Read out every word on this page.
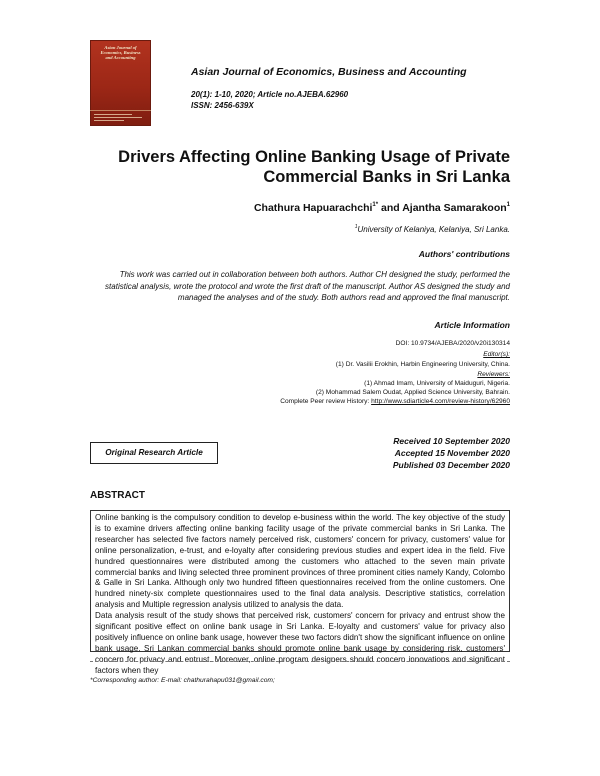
Asian Journal of
Economics, Business
and Accounting
Asian Journal of Economics, Business and Accounting
20(1): 1-10, 2020; Article no.AJEBA.62960
ISSN: 2456-639X
Drivers Affecting Online Banking Usage of Private
Commercial Banks in Sri Lanka
Chathura Hapuarachchi$^{1*}$ and Ajantha Samarakoon$^1$
$^1$University of Kelaniya, Kelaniya, Sri Lanka.
Authors' contributions
This work was carried out in collaboration between both authors. Author CH designed the study, performed the statistical analysis, wrote the protocol and wrote the first draft of the manuscript. Author AS designed the study and managed the analyses and of the study. Both authors read and approved the final manuscript.
Article Information
DOI: 10.9734/AJEBA/2020/v20i130314
Editor(s):
(1) Dr. Vasilii Erokhin, Harbin Engineering University, China.
Reviewers:
(1) Ahmad Imam, University of Maiduguri, Nigeria.
(2) Mohammad Salem Oudat, Applied Science University, Bahrain.
Complete Peer review History: http://www.sdiarticle4.com/review-history/62960
Received 10 September 2020
Accepted 15 November 2020
Published 03 December 2020
Original Research Article
ABSTRACT

Online banking is the compulsory condition to develop e-business within the world. The key objective of the study is to examine drivers affecting online banking facility usage of the private commercial banks in Sri Lanka. The researcher has selected five factors namely perceived risk, customers' concern for privacy, customers' value for online personalization, e-trust, and e-loyalty after considering previous studies and expert idea in the field. Five hundred questionnaires were distributed among the customers who attached to the seven main private commercial banks and living selected three prominent provinces of three prominent cities namely Kandy, Colombo & Galle in Sri Lanka. Although only two hundred fifteen questionnaires received from the online customers. One hundred ninety-six complete questionnaires used to the final data analysis. Descriptive statistics, correlation analysis and Multiple regression analysis utilized to analysis the data.

Data analysis result of the study shows that perceived risk, customers' concern for privacy and entrust show the significant positive effect on online bank usage in Sri Lanka. E-loyalty and customers' value for privacy also positively influence on online bank usage, however these two factors didn't show the significant influence on online bank usage. Sri Lankan commercial banks should promote online bank usage by considering risk, customers' concern for privacy and entrust. Moreover, online program designers should concern innovations and significant factors when they

*Corresponding author: E-mail: chathurahapu031@gmail.com;
